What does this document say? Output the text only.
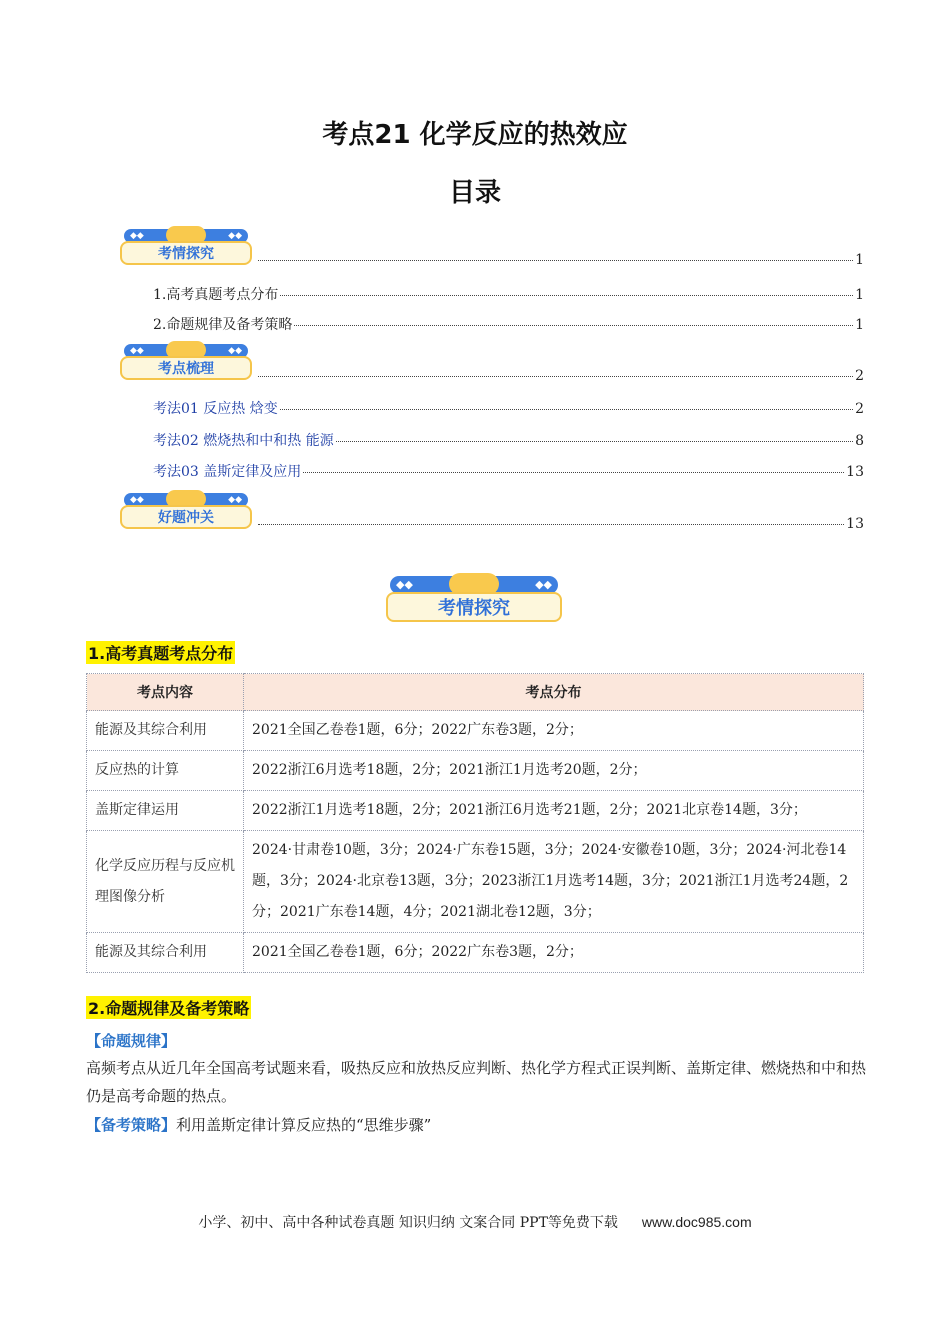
考点21 化学反应的热效应
目录
◆◆	◆◆
考情探究	1
1.高考真题考点分布	1
2.命题规律及备考策略	1
◆◆	◆◆
考点梳理	2
考法01 反应热 焓变	2
考法02 燃烧热和中和热 能源	8
考法03 盖斯定律及应用	13
◆◆	◆◆
好题冲关	13
◆◆	◆◆
考情探究
1.高考真题考点分布
考点内容	考点分布
能源及其综合利用	2021全国乙卷卷1题，6分；2022广东卷3题，2分；
反应热的计算	2022浙江6月选考18题，2分；2021浙江1月选考20题，2分；
盖斯定律运用	2022浙江1月选考18题，2分；2021浙江6月选考21题，2分；2021北京卷14题，3分；
化学反应历程与反应机理图像分析	2024·甘肃卷10题，3分；2024·广东卷15题，3分；2024·安徽卷10题，3分；2024·河北卷14题，3分；2024·北京卷13题，3分；2023浙江1月选考14题，3分；2021浙江1月选考24题，2分；2021广东卷14题，4分；2021湖北卷12题，3分；
能源及其综合利用	2021全国乙卷卷1题，6分；2022广东卷3题，2分；
2.命题规律及备考策略
【命题规律】
高频考点从近几年全国高考试题来看，吸热反应和放热反应判断、热化学方程式正误判断、盖斯定律、燃烧热和中和热仍是高考命题的热点。
【备考策略】利用盖斯定律计算反应热的“思维步骤”
小学、初中、高中各种试卷真题 知识归纳 文案合同 PPT等免费下载 www.doc985.com
